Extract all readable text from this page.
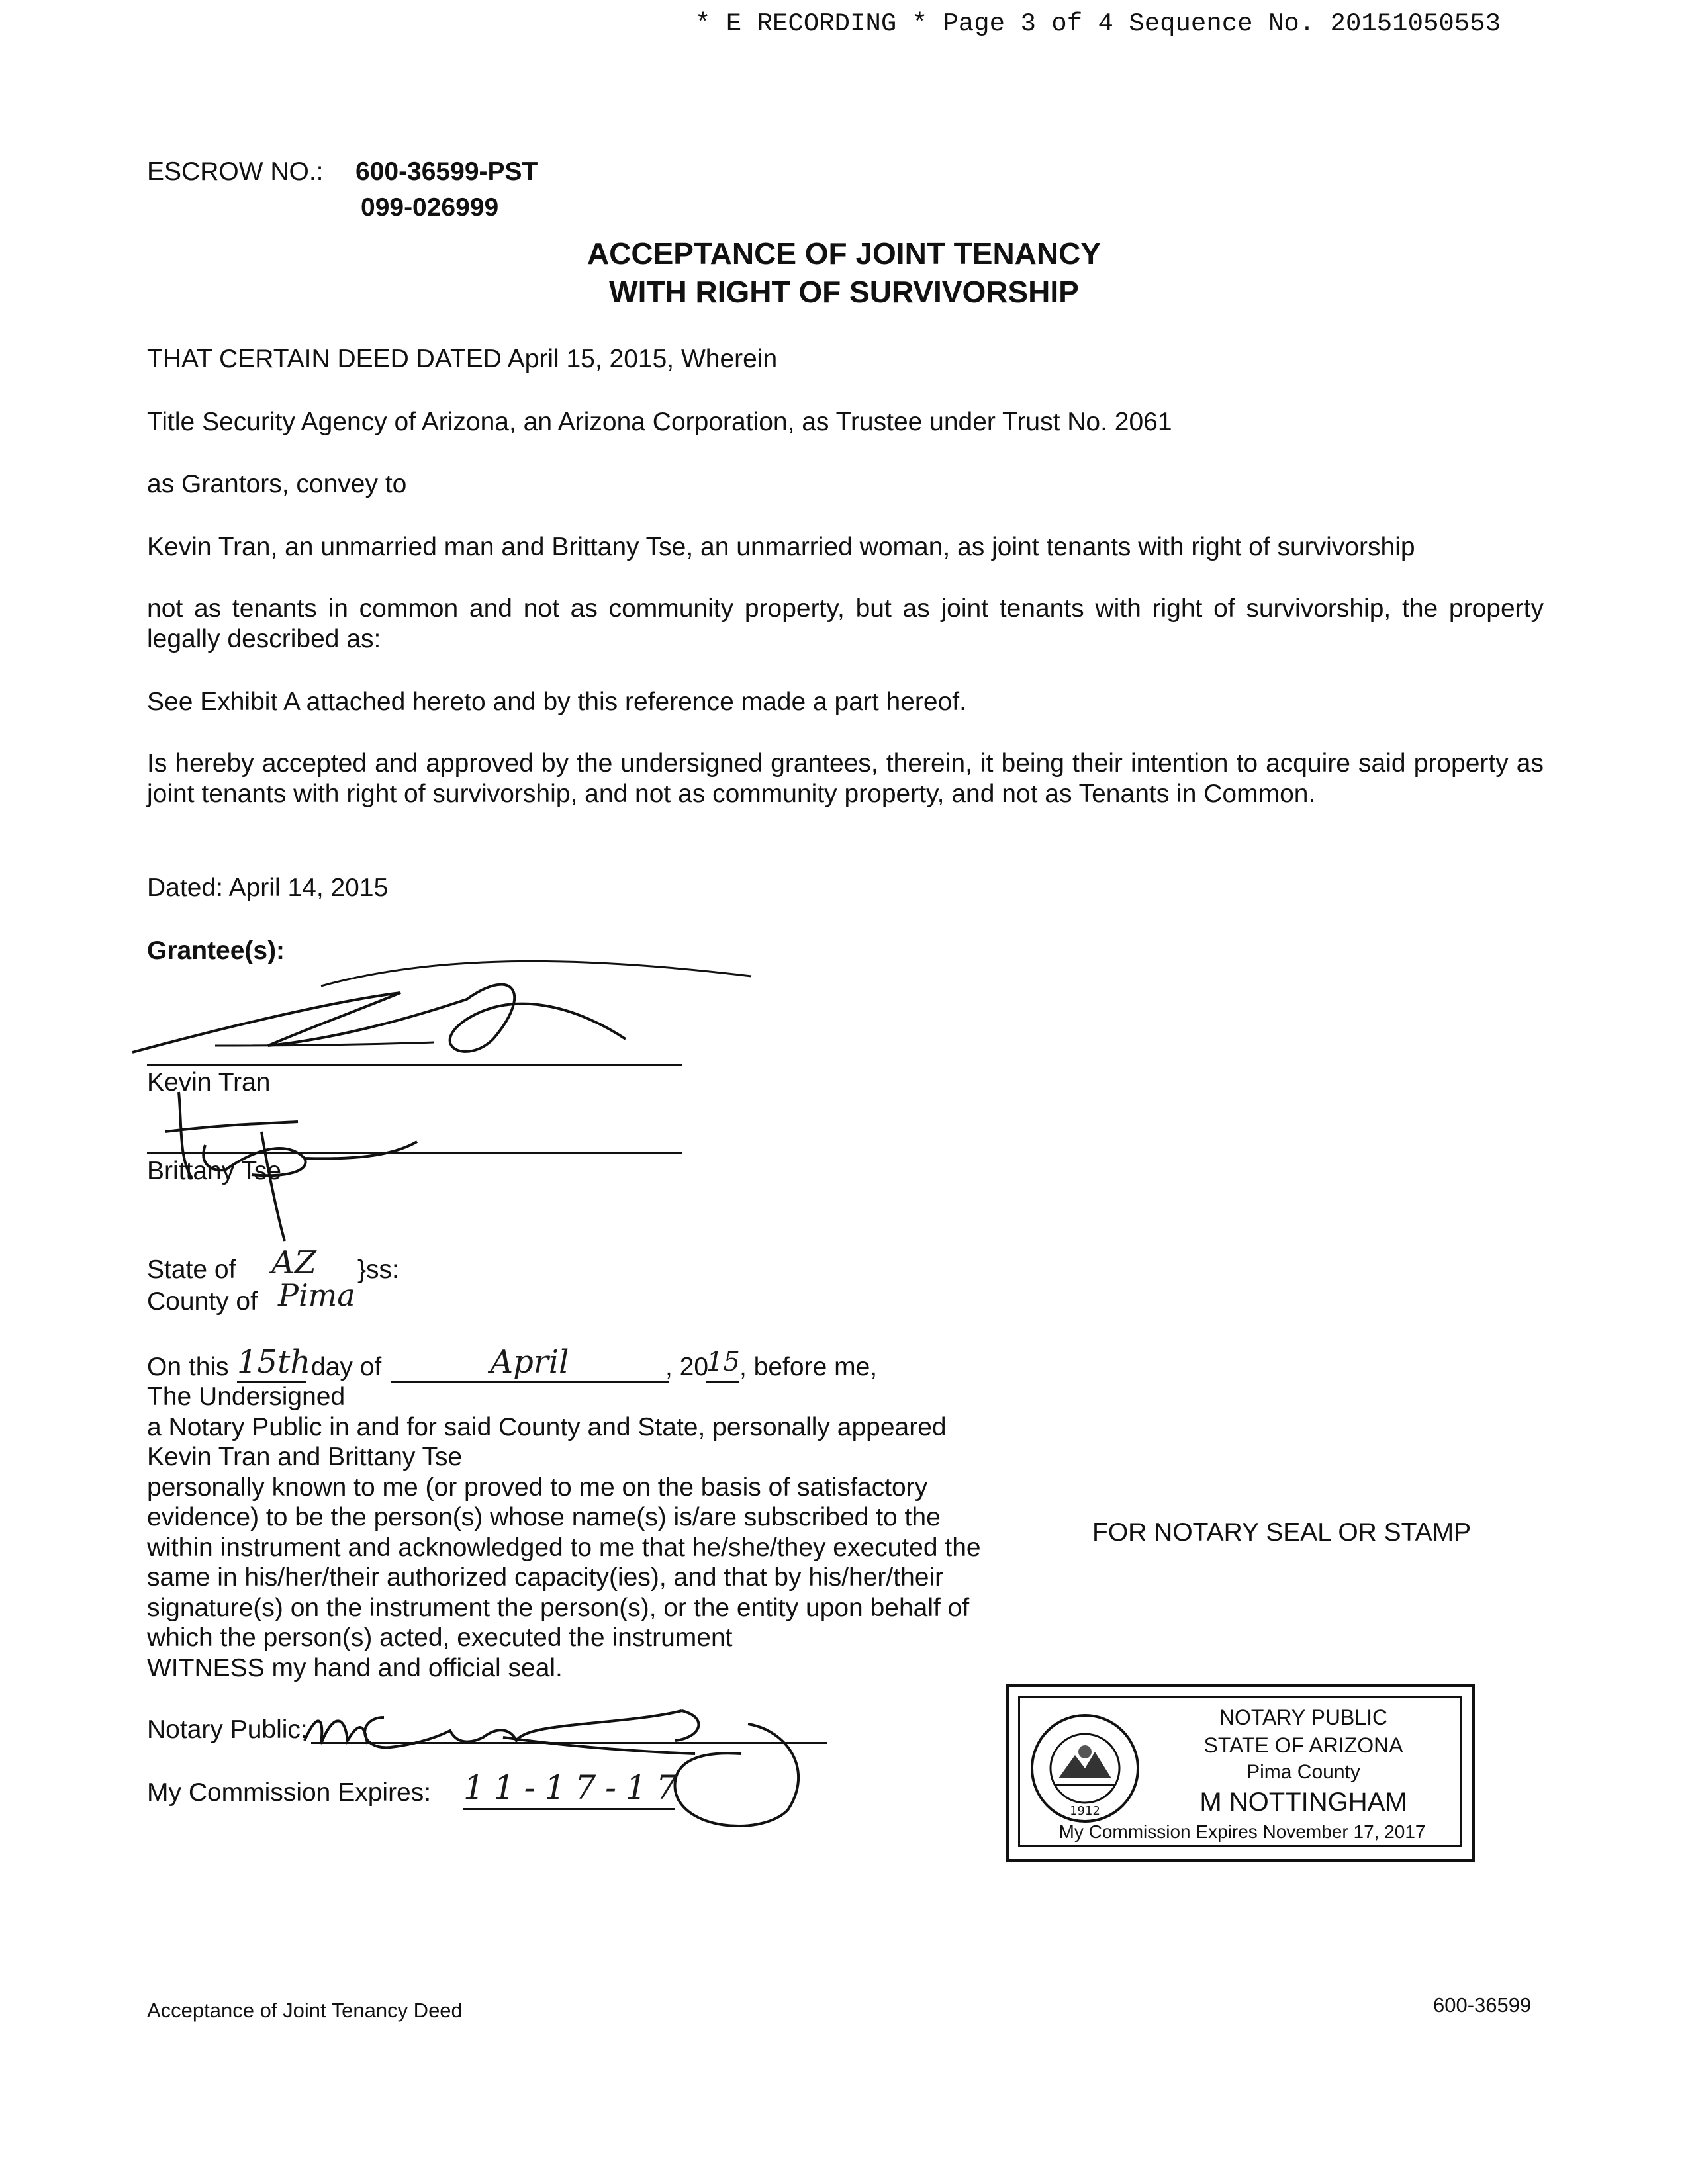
* E RECORDING * Page 3 of 4 Sequence No. 20151050553
ESCROW NO.: 600-36599-PST
099-026999
ACCEPTANCE OF JOINT TENANCY
WITH RIGHT OF SURVIVORSHIP
THAT CERTAIN DEED DATED April 15, 2015, Wherein
Title Security Agency of Arizona, an Arizona Corporation, as Trustee under Trust No. 2061
as Grantors, convey to
Kevin Tran, an unmarried man and Brittany Tse, an unmarried woman, as joint tenants with right of survivorship
not as tenants in common and not as community property, but as joint tenants with right of survivorship, the property legally described as:
See Exhibit A attached hereto and by this reference made a part hereof.
Is hereby accepted and approved by the undersigned grantees, therein, it being their intention to acquire said property as joint tenants with right of survivorship, and not as community property, and not as Tenants in Common.
Dated: April 14, 2015
Grantee(s):
Kevin Tran
Brittany Tse
State of AZ }ss:
County of Pima
On this 15th day of	April	, 20
15 , before me,
The Undersigned
a Notary Public in and for said County and State, personally appeared
Kevin Tran and Brittany Tse
personally known to me (or proved to me on the basis of satisfactory
evidence) to be the person(s) whose name(s) is/are subscribed to the
within instrument and acknowledged to me that he/she/they executed the
same in his/her/their authorized capacity(ies), and that by his/her/their
signature(s) on the instrument the person(s), or the entity upon behalf of
which the person(s) acted, executed the instrument
WITNESS my hand and official seal.
FOR NOTARY SEAL OR STAMP
Notary Public:
My Commission Expires: 11-17-17
1912
NOTARY PUBLIC
STATE OF ARIZONA
Pima County
M NOTTINGHAM
My Commission Expires November 17, 2017
Acceptance of Joint Tenancy Deed	600-36599
